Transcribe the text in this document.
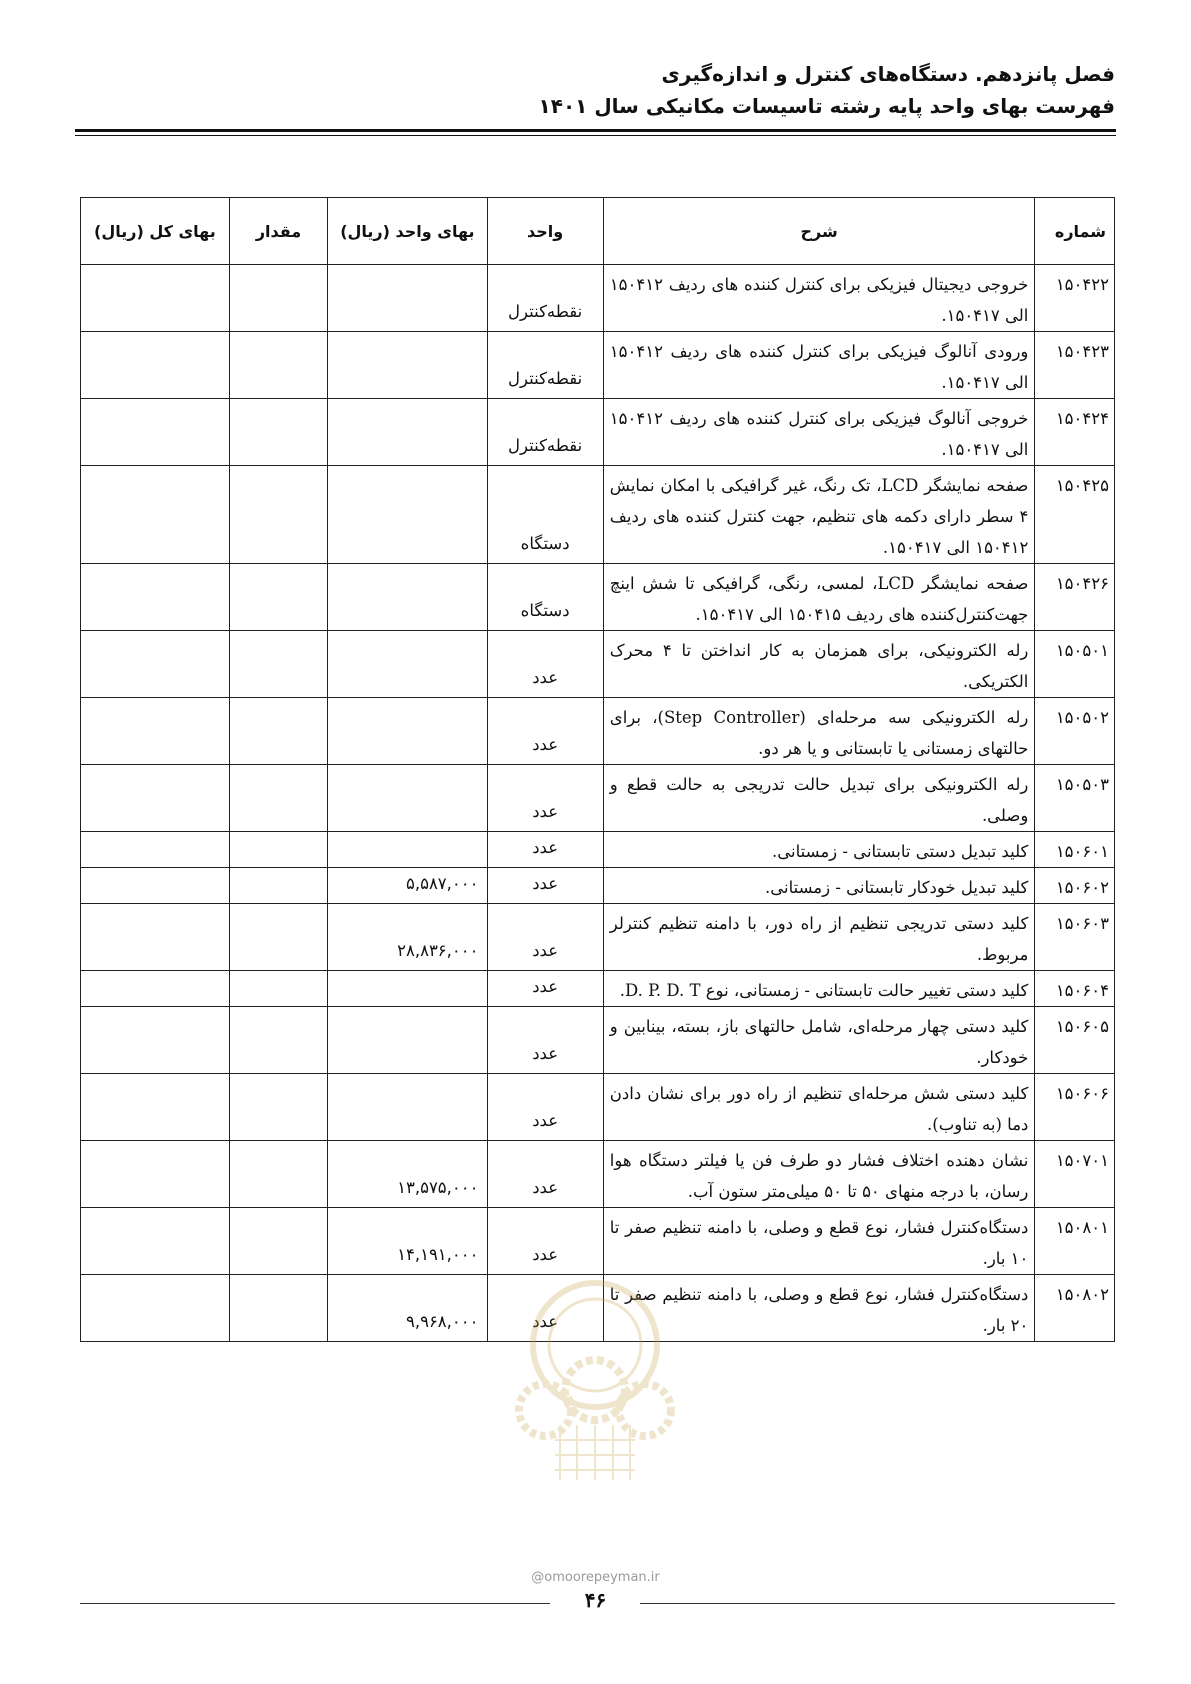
فصل پانزدهم. دستگاه‌های کنترل و اندازه‌گیری
فهرست بهای واحد پایه رشته تاسیسات مکانیکی سال ۱۴۰۱
شماره	شرح	واحد	بهای واحد (ریال)	مقدار	بهای کل (ریال)
۱۵۰۴۲۲	خروجی دیجیتال فیزیکی برای کنترل کننده های ردیف ۱۵۰۴۱۲ الی ۱۵۰۴۱۷.	نقطه‌کنترل			
۱۵۰۴۲۳	ورودی آنالوگ فیزیکی برای کنترل کننده های ردیف ۱۵۰۴۱۲ الی ۱۵۰۴۱۷.	نقطه‌کنترل			
۱۵۰۴۲۴	خروجی آنالوگ فیزیکی برای کنترل کننده های ردیف ۱۵۰۴۱۲ الی ۱۵۰۴۱۷.	نقطه‌کنترل			
۱۵۰۴۲۵	صفحه نمایشگر LCD، تک رنگ، غیر گرافیکی با امکان نمایش ۴ سطر دارای دکمه های تنظیم، جهت کنترل کننده های ردیف ۱۵۰۴۱۲ الی ۱۵۰۴۱۷.	دستگاه			
۱۵۰۴۲۶	صفحه نمایشگر LCD، لمسی، رنگی، گرافیکی تا شش اینچ جهت‌کنترل‌کننده های ردیف ۱۵۰۴۱۵ الی ۱۵۰۴۱۷.	دستگاه			
۱۵۰۵۰۱	رله الکترونیکی، برای همزمان به کار انداختن تا ۴ محرک الکتریکی.	عدد			
۱۵۰۵۰۲	رله الکترونیکی سه مرحله‌ای (Step Controller)، برای حالتهای زمستانی یا تابستانی و یا هر دو.	عدد			
۱۵۰۵۰۳	رله الکترونیکی برای تبدیل حالت تدریجی به حالت قطع و وصلی.	عدد			
۱۵۰۶۰۱	کلید تبدیل دستی تابستانی - زمستانی.	عدد			
۱۵۰۶۰۲	کلید تبدیل خودکار تابستانی - زمستانی.	عدد	۵,۵۸۷,۰۰۰		
۱۵۰۶۰۳	کلید دستی تدریجی تنظیم از راه دور، با دامنه تنظیم کنترلر مربوط.	عدد	۲۸,۸۳۶,۰۰۰		
۱۵۰۶۰۴	کلید دستی تغییر حالت تابستانی - زمستانی، نوع D. P. D. T.	عدد			
۱۵۰۶۰۵	کلید دستی چهار مرحله‌ای، شامل حالتهای باز، بسته، بینابین و خودکار.	عدد			
۱۵۰۶۰۶	کلید دستی شش مرحله‌ای تنظیم از راه دور برای نشان دادن دما (به تناوب).	عدد			
۱۵۰۷۰۱	نشان دهنده اختلاف فشار دو طرف فن یا فیلتر دستگاه هوا رسان، با درجه منهای ۵۰ تا ۵۰ میلی‌متر ستون آب.	عدد	۱۳,۵۷۵,۰۰۰		
۱۵۰۸۰۱	دستگاه‌کنترل فشار، نوع قطع و وصلی، با دامنه تنظیم صفر تا ۱۰ بار.	عدد	۱۴,۱۹۱,۰۰۰		
۱۵۰۸۰۲	دستگاه‌کنترل فشار، نوع قطع و وصلی، با دامنه تنظیم صفر تا ۲۰ بار.	عدد	۹,۹۶۸,۰۰۰		
@omoorepeyman.ir
۴۶
